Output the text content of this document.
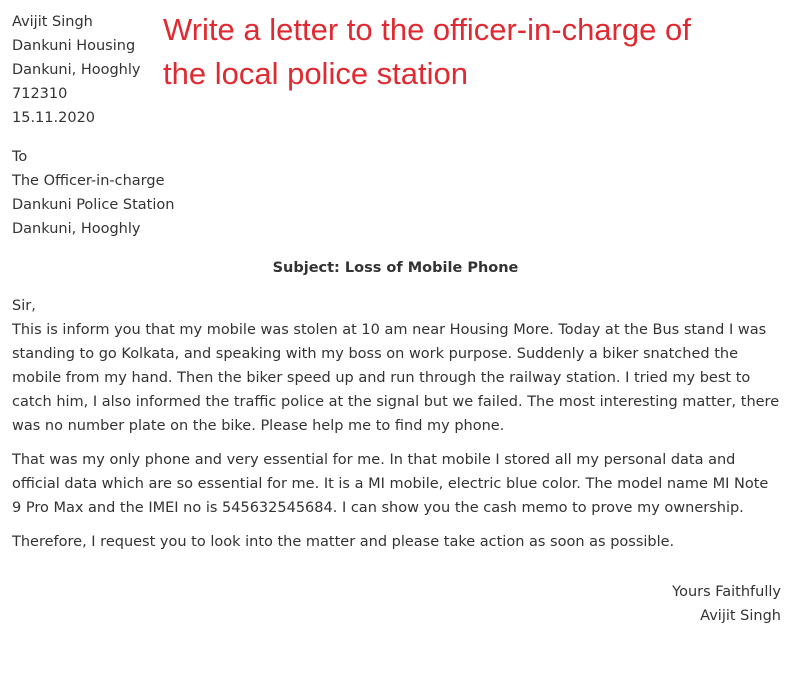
Write a letter to the officer-in-charge of
the local police station
Avijit Singh
Dankuni Housing
Dankuni, Hooghly
712310
15.11.2020
To
The Officer-in-charge
Dankuni Police Station
Dankuni, Hooghly
Subject: Loss of Mobile Phone

Sir,

This is inform you that my mobile was stolen at 10 am near Housing More. Today at the Bus stand I was standing to go Kolkata, and speaking with my boss on work purpose. Suddenly a biker snatched the mobile from my hand. Then the biker speed up and run through the railway station. I tried my best to catch him, I also informed the traffic police at the signal but we failed. The most interesting matter, there was no number plate on the bike. Please help me to find my phone.

That was my only phone and very essential for me. In that mobile I stored all my personal data and official data which are so essential for me. It is a MI mobile, electric blue color. The model name MI Note 9 Pro Max and the IMEI no is 545632545684. I can show you the cash memo to prove my ownership.

Therefore, I request you to look into the matter and please take action as soon as possible.

Yours Faithfully
Avijit Singh
